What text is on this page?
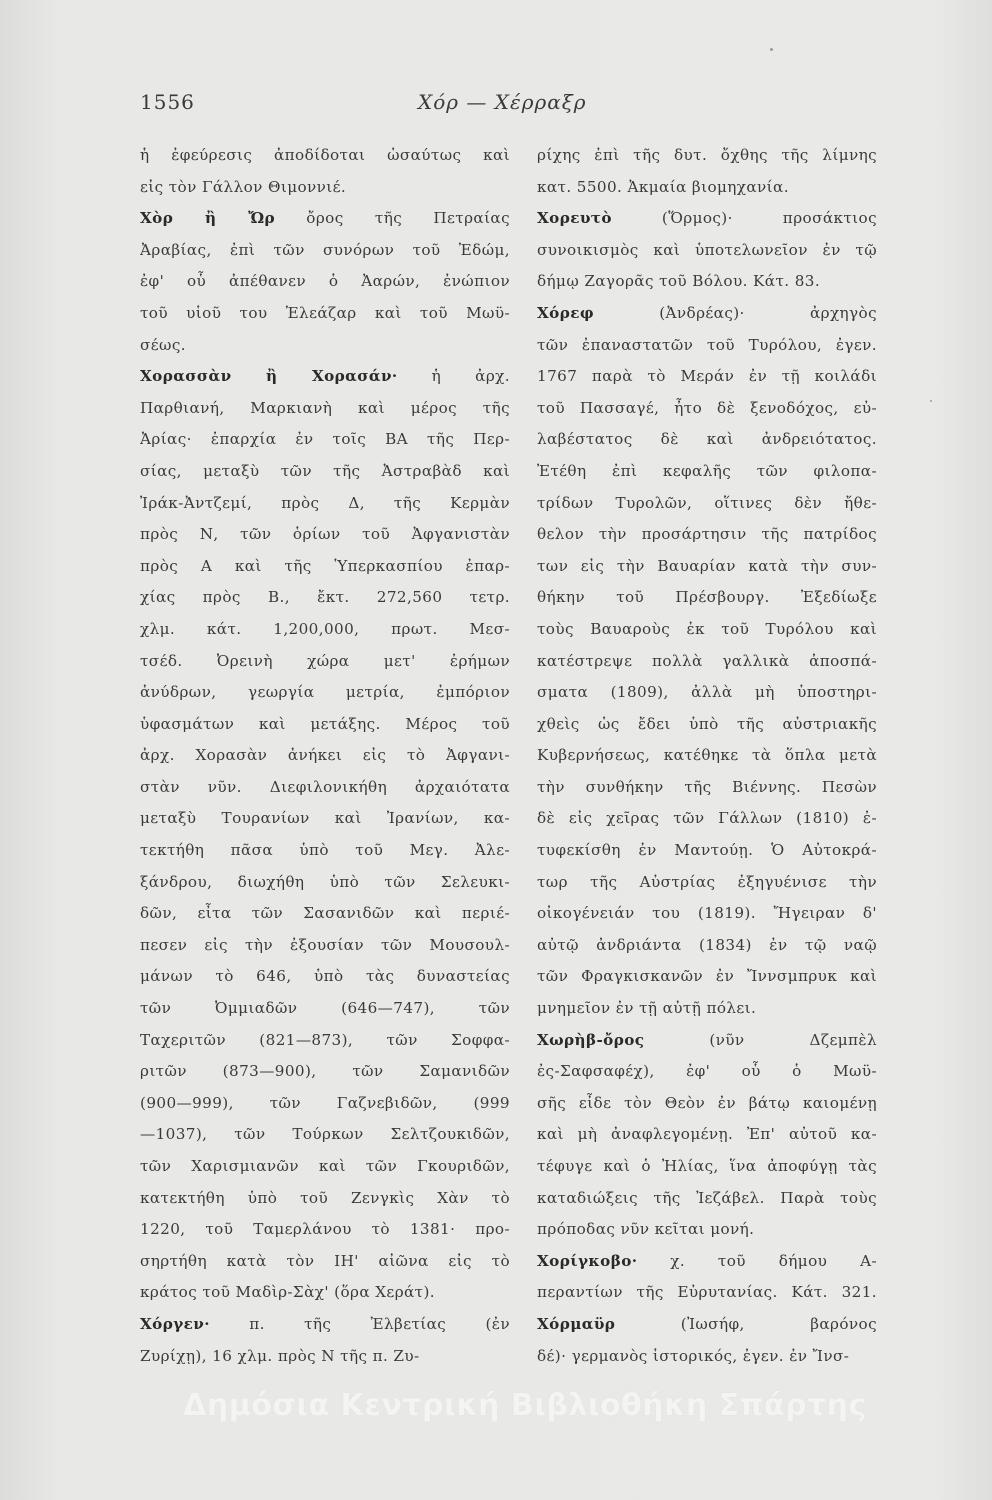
1556	Χόρ — Χέρραξρ
ἡ ἐφεύρεσις ἀποδίδοται ὡσαύτως καὶ
εἰς τὸν Γάλλον Θιμοννιέ.
Χὸρ ἢ Ὤρ ὄρος τῆς Πετραίας
Ἀραβίας, ἐπὶ τῶν συνόρων τοῦ Ἐδώμ,
ἐφ' οὗ ἀπέθανεν ὁ Ἀαρών, ἐνώπιον
τοῦ υἱοῦ του Ἐλεάζαρ καὶ τοῦ Μωϋ-
σέως.
Χορασσὰν ἢ Χορασάν· ἡ ἀρχ.
Παρθιανή, Μαρκιανὴ καὶ μέρος τῆς
Ἀρίας· ἐπαρχία ἐν τοῖς ΒΑ τῆς Περ-
σίας, μεταξὺ τῶν τῆς Ἀστραβὰδ καὶ
Ἰράκ-Ἀντζεμί, πρὸς Δ, τῆς Κερμὰν
πρὸς Ν, τῶν ὁρίων τοῦ Ἀφγανιστὰν
πρὸς Α καὶ τῆς Ὑπερκασπίου ἐπαρ-
χίας πρὸς Β., ἔκτ. 272,560 τετρ.
χλμ. κάτ. 1,200,000, πρωτ. Μεσ-
τσέδ. Ὀρεινὴ χώρα μετ' ἐρήμων
ἀνύδρων, γεωργία μετρία, ἐμπόριον
ὑφασμάτων καὶ μετάξης. Μέρος τοῦ
ἀρχ. Χορασὰν ἀνήκει εἰς τὸ Ἀφγανι-
στὰν νῦν. Διεφιλονικήθη ἀρχαιότατα
μεταξὺ Τουρανίων καὶ Ἰρανίων, κα-
τεκτήθη πᾶσα ὑπὸ τοῦ Μεγ. Ἀλε-
ξάνδρου, διωχήθη ὑπὸ τῶν Σελευκι-
δῶν, εἶτα τῶν Σασανιδῶν καὶ περιέ-
πεσεν εἰς τὴν ἐξουσίαν τῶν Μουσουλ-
μάνων τὸ 646, ὑπὸ τὰς δυναστείας
τῶν Ὀμμιαδῶν (646—747), τῶν
Ταχεριτῶν (821—873), τῶν Σοφφα-
ριτῶν (873—900), τῶν Σαμανιδῶν
(900—999), τῶν Γαζνεβιδῶν, (999
—1037), τῶν Τούρκων Σελτζουκιδῶν,
τῶν Χαρισμιανῶν καὶ τῶν Γκουριδῶν,
κατεκτήθη ὑπὸ τοῦ Ζενγκὶς Χὰν τὸ
1220, τοῦ Ταμερλάνου τὸ 1381· προ-
σηρτήθη κατὰ τὸν ΙΗ' αἰῶνα εἰς τὸ
κράτος τοῦ Μαδὶρ-Σὰχ' (ὅρα Χεράτ).
Χόργεν· π. τῆς Ἐλβετίας (ἐν
Ζυρίχῃ), 16 χλμ. πρὸς Ν τῆς π. Ζυ-
ρίχης ἐπὶ τῆς δυτ. ὄχθης τῆς λίμνης
κατ. 5500. Ἀκμαία βιομηχανία.
Χορευτὸ (Ὅρμος)· προσάκτιος
συνοικισμὸς καὶ ὑποτελωνεῖον ἐν τῷ
δήμῳ Ζαγορᾶς τοῦ Βόλου. Κάτ. 83.
Χόρεφ (Ἀνδρέας)· ἀρχηγὸς
τῶν ἐπαναστατῶν τοῦ Τυρόλου, ἐγεν.
1767 παρὰ τὸ Μεράν ἐν τῇ κοιλάδι
τοῦ Πασσαγέ, ἦτο δὲ ξενοδόχος, εὐ-
λαβέστατος δὲ καὶ ἀνδρειότατος.
Ἐτέθη ἐπὶ κεφαλῆς τῶν φιλοπα-
τρίδων Τυρολῶν, οἵτινες δὲν ἤθε-
θελον τὴν προσάρτησιν τῆς πατρίδος
των εἰς τὴν Βαυαρίαν κατὰ τὴν συν-
θήκην τοῦ Πρέσβουργ. Ἐξεδίωξε
τοὺς Βαυαροὺς ἐκ τοῦ Τυρόλου καὶ
κατέστρεψε πολλὰ γαλλικὰ ἀποσπά-
σματα (1809), ἀλλὰ μὴ ὑποστηρι-
χθεὶς ὡς ἔδει ὑπὸ τῆς αὐστριακῆς
Κυβερνήσεως, κατέθηκε τὰ ὅπλα μετὰ
τὴν συνθήκην τῆς Βιέννης. Πεσὼν
δὲ εἰς χεῖρας τῶν Γάλλων (1810) ἐ-
τυφεκίσθη ἐν Μαντούῃ. Ὁ Αὐτοκρά-
τωρ τῆς Αὐστρίας ἐξηγυένισε τὴν
οἰκογένειάν του (1819). Ἤγειραν δ'
αὐτῷ ἀνδριάντα (1834) ἐν τῷ ναῷ
τῶν Φραγκισκανῶν ἐν Ἴννσμπρυκ καὶ
μνημεῖον ἐν τῇ αὐτῇ πόλει.
Χωρὴβ-ὄρος (νῦν Δζεμπὲλ
ἐς-Σαφσαφέχ), ἐφ' οὗ ὁ Μωϋ-
σῆς εἶδε τὸν Θεὸν ἐν βάτῳ καιομένῃ
καὶ μὴ ἀναφλεγομένῃ. Ἐπ' αὐτοῦ κα-
τέφυγε καὶ ὁ Ἠλίας, ἵνα ἀποφύγῃ τὰς
καταδιώξεις τῆς Ἰεζάβελ. Παρὰ τοὺς
πρόποδας νῦν κεῖται μονή.
Χορίγκοβο· χ. τοῦ δήμου Α-
περαντίων τῆς Εὐρυτανίας. Κάτ. 321.
Χόρμαϋρ (Ἰωσήφ, βαρόνος
δέ)· γερμανὸς ἱστορικός, ἐγεν. ἐν Ἴνσ-
Δημόσια Κεντρική Βιβλιοθήκη Σπάρτης
